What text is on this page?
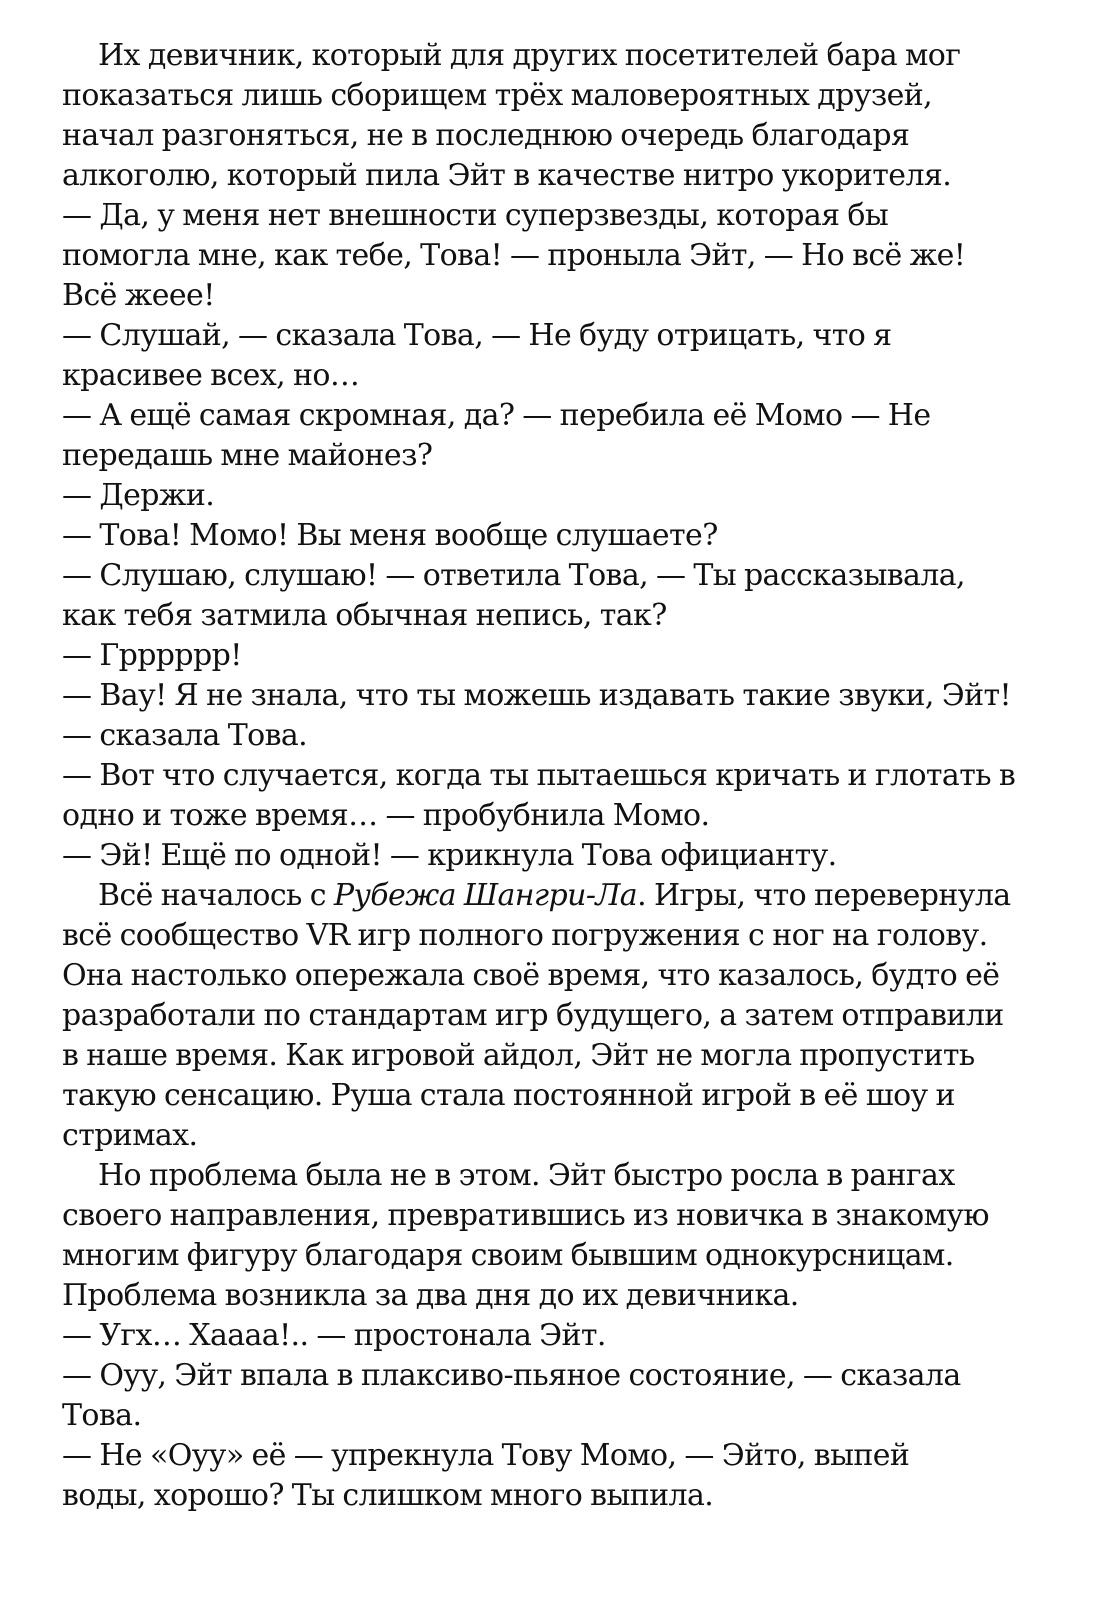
Их девичник, который для других посетителей бара мог
показаться лишь сборищем трёх маловероятных друзей,
начал разгоняться, не в последнюю очередь благодаря
алкоголю, который пила Эйт в качестве нитро укорителя.
— Да, у меня нет внешности суперзвезды, которая бы
помогла мне, как тебе, Това! — проныла Эйт, — Но всё же!
Всё жеее!
— Слушай, — сказала Това, — Не буду отрицать, что я
красивее всех, но…
— А ещё самая скромная, да? — перебила её Момо — Не
передашь мне майонез?
— Держи.
— Това! Момо! Вы меня вообще слушаете?
— Слушаю, слушаю! — ответила Това, — Ты рассказывала,
как тебя затмила обычная непись, так?
— Грррррр!
— Вау! Я не знала, что ты можешь издавать такие звуки, Эйт!
— сказала Това.
— Вот что случается, когда ты пытаешься кричать и глотать в
одно и тоже время… — пробубнила Момо.
— Эй! Ещё по одной! — крикнула Това официанту.
Всё началось с Рубежа Шангри-Ла. Игры, что перевернула
всё сообщество VR игр полного погружения с ног на голову.
Она настолько опережала своё время, что казалось, будто её
разработали по стандартам игр будущего, а затем отправили
в наше время. Как игровой айдол, Эйт не могла пропустить
такую сенсацию. Руша стала постоянной игрой в её шоу и
стримах.
Но проблема была не в этом. Эйт быстро росла в рангах
своего направления, превратившись из новичка в знакомую
многим фигуру благодаря своим бывшим однокурсницам.
Проблема возникла за два дня до их девичника.
— Угх… Хаааа!.. — простонала Эйт.
— Оуу, Эйт впала в плаксиво-пьяное состояние, — сказала
Това.
— Не «Оуу» её — упрекнула Тову Момо, — Эйто, выпей
воды, хорошо? Ты слишком много выпила.
